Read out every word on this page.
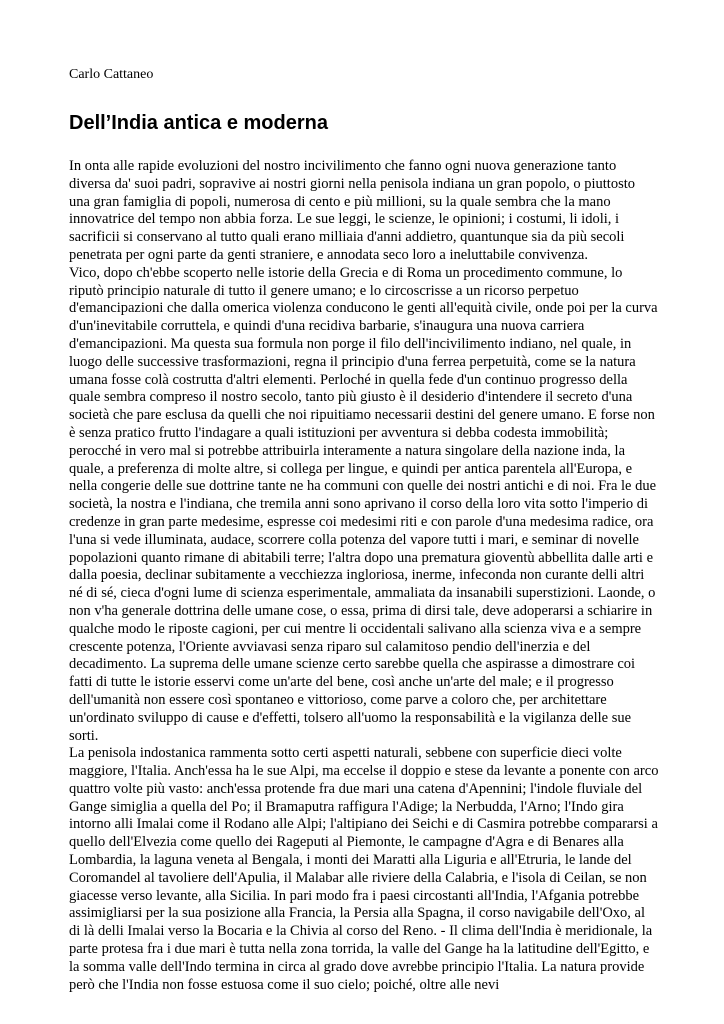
Carlo Cattaneo
Dell’India antica e moderna

In onta alle rapide evoluzioni del nostro incivilimento che fanno ogni nuova generazione tanto diversa da' suoi padri, sopravive ai nostri giorni nella penisola indiana un gran popolo, o piuttosto una gran famiglia di popoli, numerosa di cento e più millioni, su la quale sembra che la mano innovatrice del tempo non abbia forza. Le sue leggi, le scienze, le opinioni; i costumi, li idoli, i sacrificii si conservano al tutto quali erano milliaia d'anni addietro, quantunque sia da più secoli penetrata per ogni parte da genti straniere, e annodata seco loro a ineluttabile convivenza.

Vico, dopo ch'ebbe scoperto nelle istorie della Grecia e di Roma un procedimento commune, lo riputò principio naturale di tutto il genere umano; e lo circoscrisse a un ricorso perpetuo d'emancipazioni che dalla omerica violenza conducono le genti all'equità civile, onde poi per la curva d'un'inevitabile corruttela, e quindi d'una recidiva barbarie, s'inaugura una nuova carriera d'emancipazioni. Ma questa sua formula non porge il filo dell'incivilimento indiano, nel quale, in luogo delle successive trasformazioni, regna il principio d'una ferrea perpetuità, come se la natura umana fosse colà costrutta d'altri elementi. Perloché in quella fede d'un continuo progresso della quale sembra compreso il nostro secolo, tanto più giusto è il desiderio d'intendere il secreto d'una società che pare esclusa da quelli che noi ripuitiamo necessarii destini del genere umano. E forse non è senza pratico frutto l'indagare a quali istituzioni per avventura si debba codesta immobilità; perocché in vero mal si potrebbe attribuirla interamente a natura singolare della nazione inda, la quale, a preferenza di molte altre, si collega per lingue, e quindi per antica parentela all'Europa, e nella congerie delle sue dottrine tante ne ha communi con quelle dei nostri antichi e di noi. Fra le due società, la nostra e l'indiana, che tremila anni sono aprivano il corso della loro vita sotto l'imperio di credenze in gran parte medesime, espresse coi medesimi riti e con parole d'una medesima radice, ora l'una si vede illuminata, audace, scorrere colla potenza del vapore tutti i mari, e seminar di novelle popolazioni quanto rimane di abitabili terre; l'altra dopo una prematura gioventù abbellita dalle arti e dalla poesia, declinar subitamente a vecchiezza ingloriosa, inerme, infeconda non curante delli altri né di sé, cieca d'ogni lume di scienza esperimentale, ammaliata da insanabili superstizioni. Laonde, o non v'ha generale dottrina delle umane cose, o essa, prima di dirsi tale, deve adoperarsi a schiarire in qualche modo le riposte cagioni, per cui mentre li occidentali salivano alla scienza viva e a sempre crescente potenza, l'Oriente avviavasi senza riparo sul calamitoso pendio dell'inerzia e del decadimento. La suprema delle umane scienze certo sarebbe quella che aspirasse a dimostrare coi fatti di tutte le istorie esservi come un'arte del bene, così anche un'arte del male; e il progresso dell'umanità non essere così spontaneo e vittorioso, come parve a coloro che, per architettare un'ordinato sviluppo di cause e d'effetti, tolsero all'uomo la responsabilità e la vigilanza delle sue sorti.

La penisola indostanica rammenta sotto certi aspetti naturali, sebbene con superficie dieci volte maggiore, l'Italia. Anch'essa ha le sue Alpi, ma eccelse il doppio e stese da levante a ponente con arco quattro volte più vasto: anch'essa protende fra due mari una catena d'Apennini; l'indole fluviale del Gange simiglia a quella del Po; il Bramaputra raffigura l'Adige; la Nerbudda, l'Arno; l'Indo gira intorno alli Imalai come il Rodano alle Alpi; l'altipiano dei Seichi e di Casmira potrebbe compararsi a quello dell'Elvezia come quello dei Rageputi al Piemonte, le campagne d'Agra e di Benares alla Lombardia, la laguna veneta al Bengala, i monti dei Maratti alla Liguria e all'Etruria, le lande del Coromandel al tavoliere dell'Apulia, il Malabar alle riviere della Calabria, e l'isola di Ceilan, se non giacesse verso levante, alla Sicilia. In pari modo fra i paesi circostanti all'India, l'Afgania potrebbe assimigliarsi per la sua posizione alla Francia, la Persia alla Spagna, il corso navigabile dell'Oxo, al di là delli Imalai verso la Bocaria e la Chivia al corso del Reno. - Il clima dell'India è meridionale, la parte protesa fra i due mari è tutta nella zona torrida, la valle del Gange ha la latitudine dell'Egitto, e la somma valle dell'Indo termina in circa al grado dove avrebbe principio l'Italia. La natura provide però che l'India non fosse estuosa come il suo cielo; poiché, oltre alle nevi
